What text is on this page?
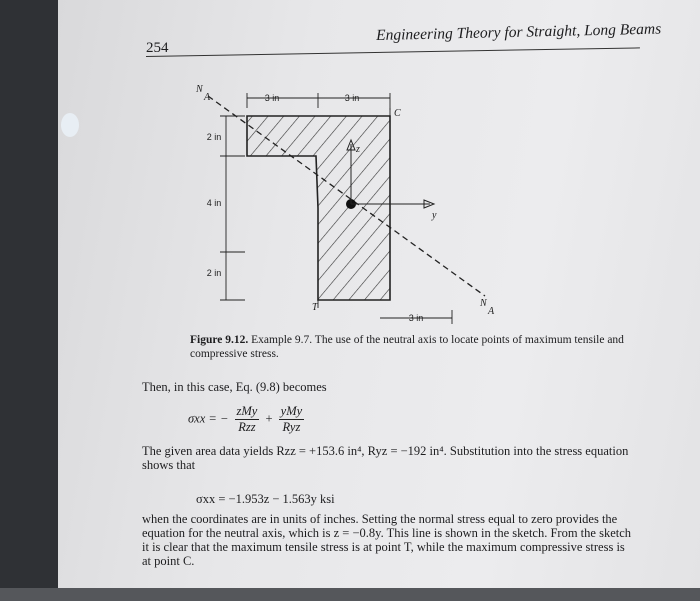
254
Engineering Theory for Straight, Long Beams
3 in	3 in
2 in
4 in
2 in
3 in
N
A
N
A
C
T
y
z
Figure 9.12. Example 9.7. The use of the neutral axis to locate points of maximum tensile and compressive stress.
Then, in this case, Eq. (9.8) becomes
σxx = − $\frac{\text{zMy}}{\text{Rzz}} + \frac{\text{yMy}}{\text{Ryz}}$
The given area data yields Rzz = +153.6 in⁴, Ryz = −192 in⁴. Substitution into the stress equation shows that
σxx = −1.953z − 1.563y ksi
when the coordinates are in units of inches. Setting the normal stress equal to zero provides the equation for the neutral axis, which is z = −0.8y. This line is shown in the sketch. From the sketch it is clear that the maximum tensile stress is at point T, while the maximum compressive stress is at point C.
